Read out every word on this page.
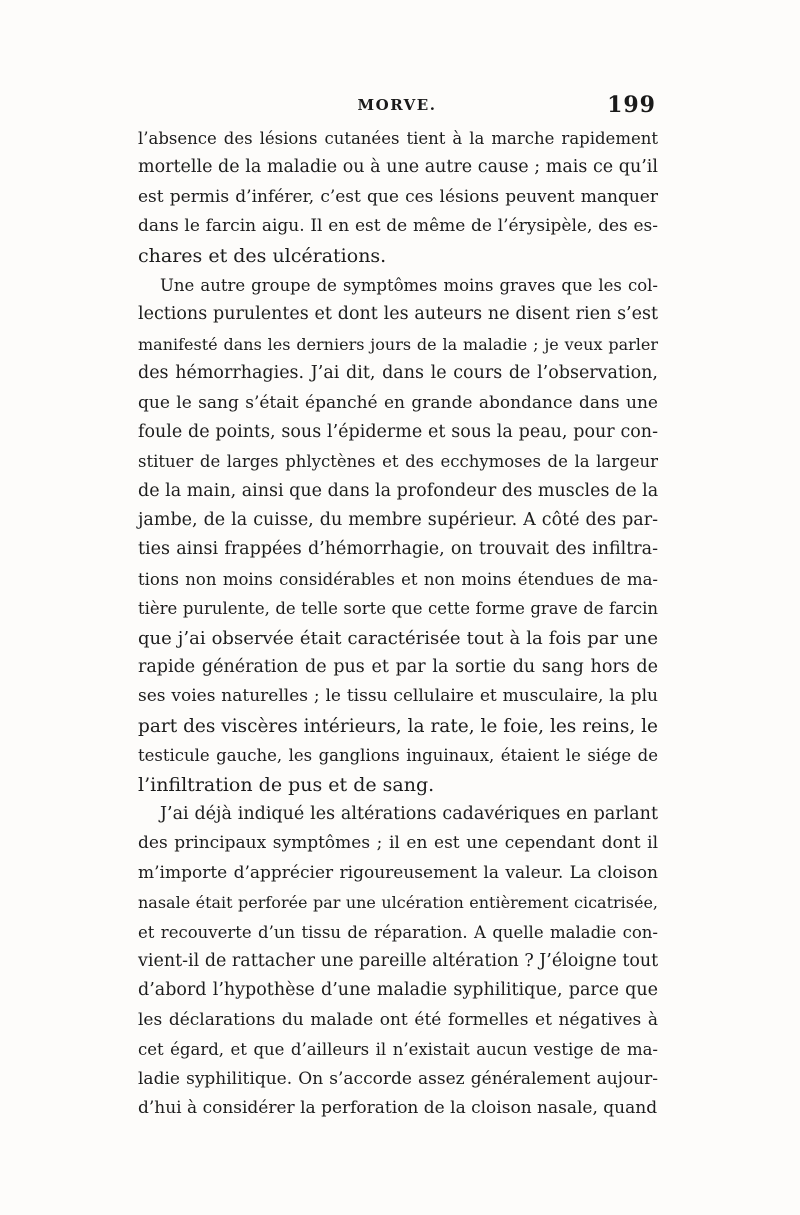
MORVE.	199
l’absence des lésions cutanées tient à la marche rapidement
mortelle de la maladie ou à une autre cause ; mais ce qu’il
est permis d’inférer, c’est que ces lésions peuvent manquer
dans le farcin aigu. Il en est de même de l’érysipèle, des es-
chares et des ulcérations.
Une autre groupe de symptômes moins graves que les col-
lections purulentes et dont les auteurs ne disent rien s’est
manifesté dans les derniers jours de la maladie ; je veux parler
des hémorrhagies. J’ai dit, dans le cours de l’observation,
que le sang s’était épanché en grande abondance dans une
foule de points, sous l’épiderme et sous la peau, pour con-
stituer de larges phlyctènes et des ecchymoses de la largeur
de la main, ainsi que dans la profondeur des muscles de la
jambe, de la cuisse, du membre supérieur. A côté des par-
ties ainsi frappées d’hémorrhagie, on trouvait des infiltra-
tions non moins considérables et non moins étendues de ma-
tière purulente, de telle sorte que cette forme grave de farcin
que j’ai observée était caractérisée tout à la fois par une
rapide génération de pus et par la sortie du sang hors de
ses voies naturelles ; le tissu cellulaire et musculaire, la plu
part des viscères intérieurs, la rate, le foie, les reins, le
testicule gauche, les ganglions inguinaux, étaient le siége de
l’infiltration de pus et de sang.
J’ai déjà indiqué les altérations cadavériques en parlant
des principaux symptômes ; il en est une cependant dont il
m’importe d’apprécier rigoureusement la valeur. La cloison
nasale était perforée par une ulcération entièrement cicatrisée,
et recouverte d’un tissu de réparation. A quelle maladie con-
vient-il de rattacher une pareille altération ? J’éloigne tout
d’abord l’hypothèse d’une maladie syphilitique, parce que
les déclarations du malade ont été formelles et négatives à
cet égard, et que d’ailleurs il n’existait aucun vestige de ma-
ladie syphilitique. On s’accorde assez généralement aujour-
d’hui à considérer la perforation de la cloison nasale, quand
